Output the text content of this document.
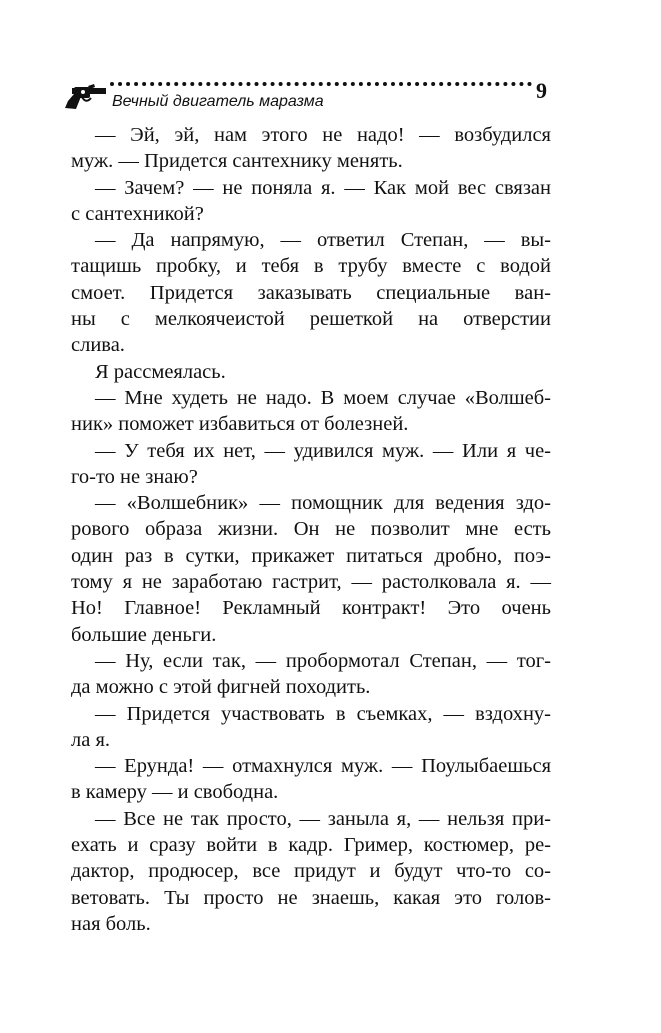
Вечный двигатель маразма	9
— Эй, эй, нам этого не надо! — возбудился
муж. — Придется сантехнику менять.
— Зачем? — не поняла я. — Как мой вес связан
с сантехникой?
— Да напрямую, — ответил Степан, — вы-
тащишь пробку, и тебя в трубу вместе с водой
смоет. Придется заказывать специальные ван-
ны с мелкоячеистой решеткой на отверстии
слива.
Я рассмеялась.
— Мне худеть не надо. В моем случае «Волшеб-
ник» поможет избавиться от болезней.
— У тебя их нет, — удивился муж. — Или я че-
го-то не знаю?
— «Волшебник» — помощник для ведения здо-
рового образа жизни. Он не позволит мне есть
один раз в сутки, прикажет питаться дробно, поэ-
тому я не заработаю гастрит, — растолковала я. —
Но! Главное! Рекламный контракт! Это очень
большие деньги.
— Ну, если так, — пробормотал Степан, — тог-
да можно с этой фигней походить.
— Придется участвовать в съемках, — вздохну-
ла я.
— Ерунда! — отмахнулся муж. — Поулыбаешься
в камеру — и свободна.
— Все не так просто, — заныла я, — нельзя при-
ехать и сразу войти в кадр. Гример, костюмер, ре-
дактор, продюсер, все придут и будут что-то со-
ветовать. Ты просто не знаешь, какая это голов-
ная боль.
